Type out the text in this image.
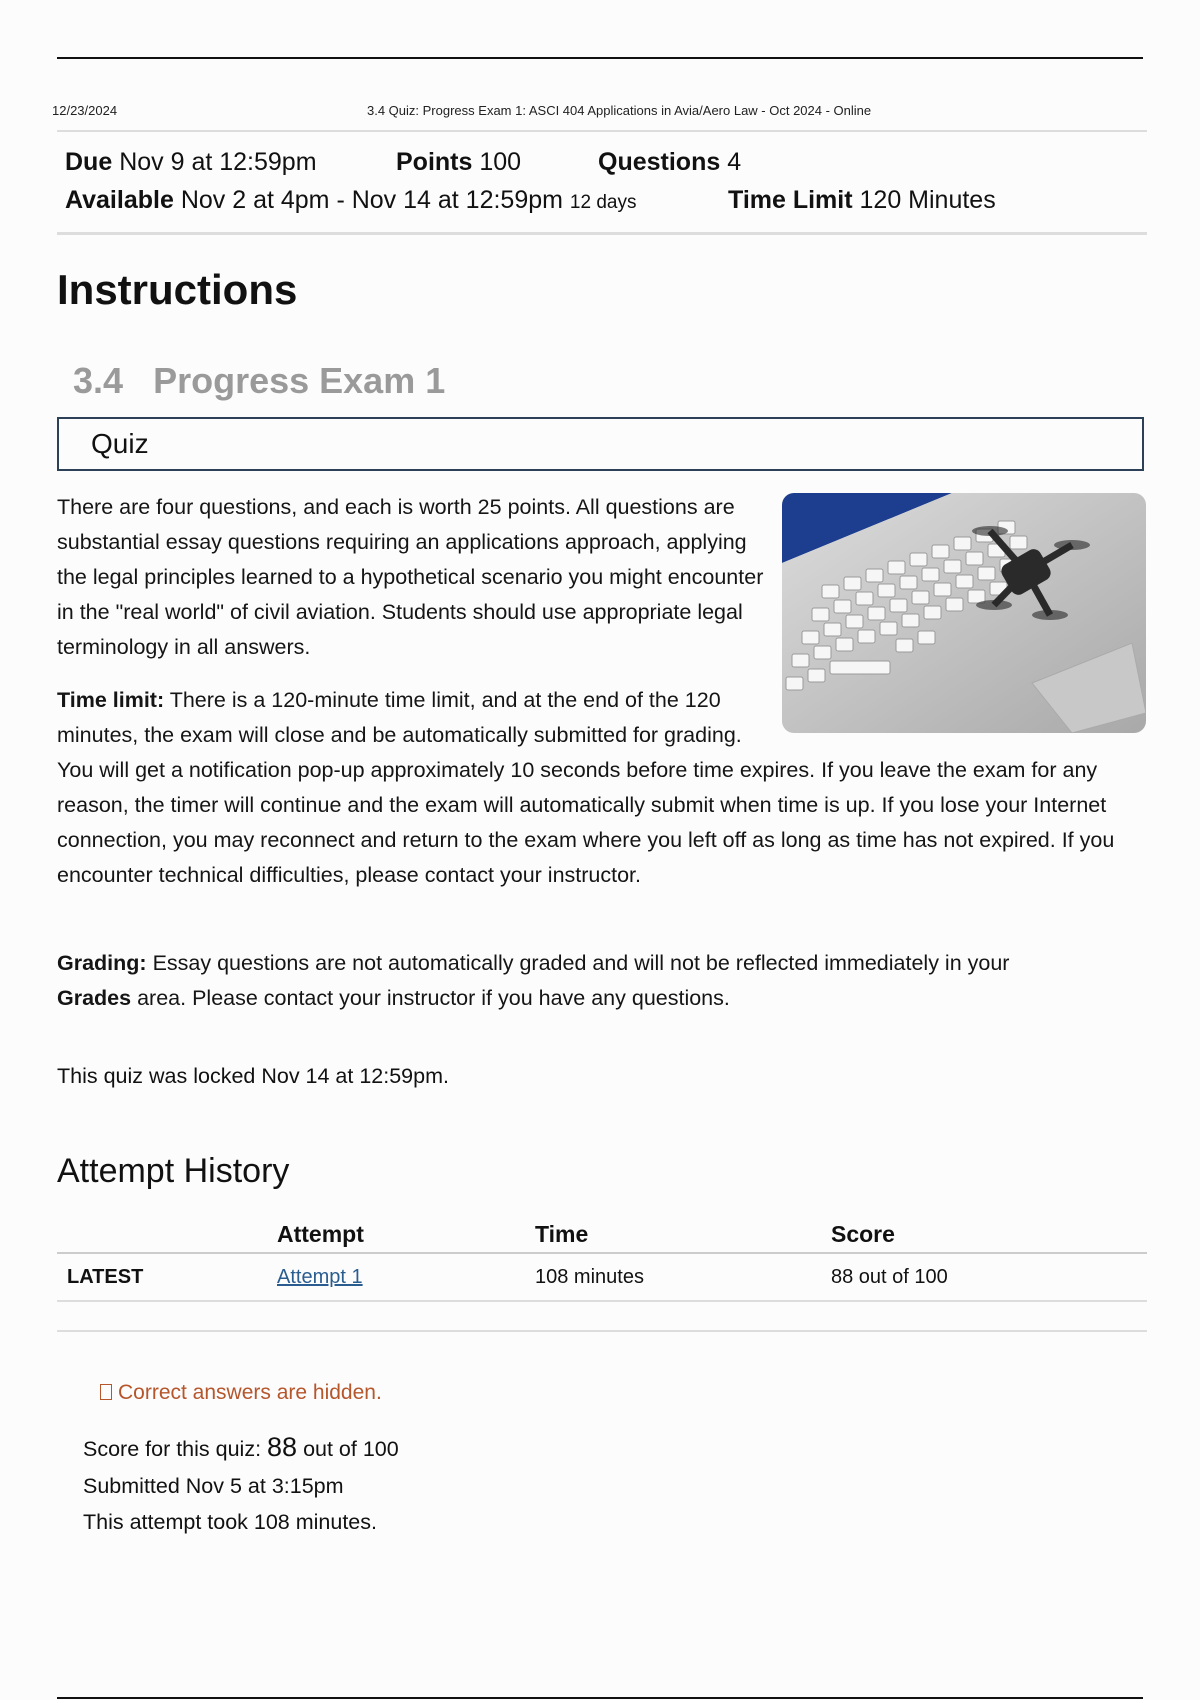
12/23/2024	3.4 Quiz: Progress Exam 1: ASCI 404 Applications in Avia/Aero Law - Oct 2024 - Online
Due Nov 9 at 12:59pm	Points 100	Questions 4
Available Nov 2 at 4pm - Nov 14 at 12:59pm 12 days	Time Limit 120 Minutes
Instructions
3.4 Progress Exam 1
Quiz

There are four questions, and each is worth 25 points. All questions are substantial essay questions requiring an applications approach, applying the legal principles learned to a hypothetical scenario you might encounter in the "real world" of civil aviation. Students should use appropriate legal terminology in all answers.

Time limit: There is a 120-minute time limit, and at the end of the 120 minutes, the exam will close and be automatically submitted for grading. You will get a notification pop-up approximately 10 seconds before time expires. If you leave the exam for any reason, the timer will continue and the exam will automatically submit when time is up. If you lose your Internet connection, you may reconnect and return to the exam where you left off as long as time has not expired. If you encounter technical difficulties, please contact your instructor.

Grading: Essay questions are not automatically graded and will not be reflected immediately in your Grades area. Please contact your instructor if you have any questions.

This quiz was locked Nov 14 at 12:59pm.

Attempt History
	Attempt	Time	Score
LATEST	Attempt 1	108 minutes	88 out of 100

Correct answers are hidden.

Score for this quiz: 88 out of 100

Submitted Nov 5 at 3:15pm

This attempt took 108 minutes.
